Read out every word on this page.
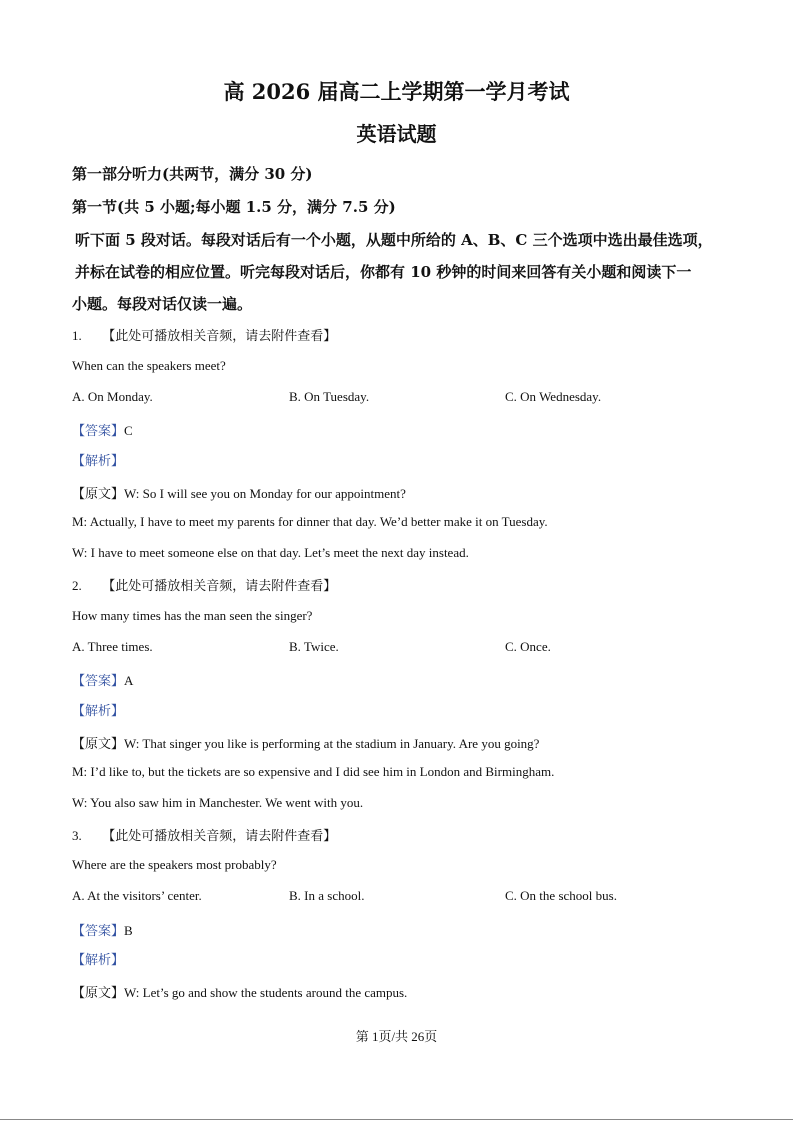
高 2026 届高二上学期第一学月考试
英语试题
第一部分听力(共两节，满分 30 分)
第一节(共 5 小题;每小题 1.5 分，满分 7.5 分)
听下面 5 段对话。每段对话后有一个小题，从题中所给的 A、B、C 三个选项中选出最佳选项，
并标在试卷的相应位置。听完每段对话后，你都有 10 秒钟的时间来回答有关小题和阅读下一
小题。每段对话仅读一遍。
1. 【此处可播放相关音频，请去附件查看】
When can the speakers meet?
A. On Monday.	B. On Tuesday.	C. On Wednesday.
【答案】C
【解析】
【原文】W: So I will see you on Monday for our appointment?
M: Actually, I have to meet my parents for dinner that day. We’d better make it on Tuesday.
W: I have to meet someone else on that day. Let’s meet the next day instead.
2. 【此处可播放相关音频，请去附件查看】
How many times has the man seen the singer?
A. Three times.	B. Twice.	C. Once.
【答案】A
【解析】
【原文】W: That singer you like is performing at the stadium in January. Are you going?
M: I’d like to, but the tickets are so expensive and I did see him in London and Birmingham.
W: You also saw him in Manchester. We went with you.
3. 【此处可播放相关音频，请去附件查看】
Where are the speakers most probably?
A. At the visitors’ center.	B. In a school.	C. On the school bus.
【答案】B
【解析】
【原文】W: Let’s go and show the students around the campus.
第 1页/共 26页
